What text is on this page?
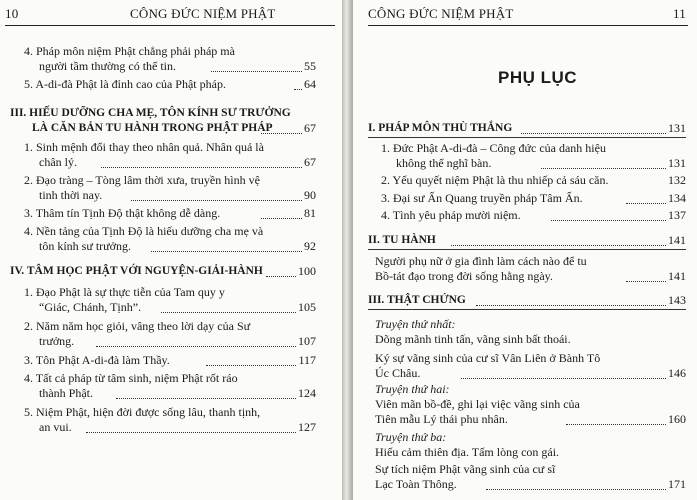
10	CÔNG ĐỨC NIỆM PHẬT
4. Pháp môn niệm Phật chẳng phải pháp mà
người tầm thường có thể tin.	55
5. A-di-đà Phật là đỉnh cao của Phật pháp.	64
III. HIẾU DƯỠNG CHA MẸ, TÔN KÍNH SƯ TRƯỞNG
LÀ CĂN BẢN TU HÀNH TRONG PHẬT PHÁP	67
1. Sinh mệnh đổi thay theo nhân quả. Nhân quả là
chân lý.	67
2. Đạo tràng – Tòng lâm thời xưa, truyền hình vệ
tinh thời nay.	90
3. Thâm tín Tịnh Độ thật không dễ dàng.	81
4. Nền tảng của Tịnh Độ là hiếu dưỡng cha mẹ và
tôn kính sư trưởng.	92
IV. TÂM HỌC PHẬT VỚI NGUYỆN-GIẢI-HÀNH	100
1. Đạo Phật là sự thực tiễn của Tam quy y
“Giác, Chánh, Tịnh”.	105
2. Năm năm học giỏi, vâng theo lời dạy của Sư
trưởng.	107
3. Tôn Phật A-di-đà làm Thầy.	117
4. Tất cả pháp từ tâm sinh, niệm Phật rốt ráo
thành Phật.	124
5. Niệm Phật, hiện đời được sống lâu, thanh tịnh,
an vui.	127
CÔNG ĐỨC NIỆM PHẬT	11
PHỤ LỤC
I. PHÁP MÔN THÙ THẮNG	131
1. Đức Phật A-di-đà – Công đức của danh hiệu
không thể nghĩ bàn.	131
2. Yếu quyết niệm Phật là thu nhiếp cả sáu căn.	132
3. Đại sư Ấn Quang truyền pháp Tâm Ấn.	134
4. Tình yêu pháp mười niệm.	137
II. TU HÀNH	141
Người phụ nữ ở gia đình làm cách nào để tu
Bồ-tát đạo trong đời sống hằng ngày.	141
III. THẬT CHỨNG	143
Truyện thứ nhất:
Dõng mãnh tinh tấn, vãng sinh bất thoái.
Ký sự vãng sinh của cư sĩ Vân Liên ở Bành Tô
Úc Châu.	146
Truyện thứ hai:
Viên mãn bồ-đề, ghi lại việc vãng sinh của
Tiên mẫu Lý thái phu nhân.	160
Truyện thứ ba:
Hiếu cảm thiên địa. Tấm lòng con gái.
Sự tích niệm Phật vãng sinh của cư sĩ
Lạc Toàn Thông.	171
